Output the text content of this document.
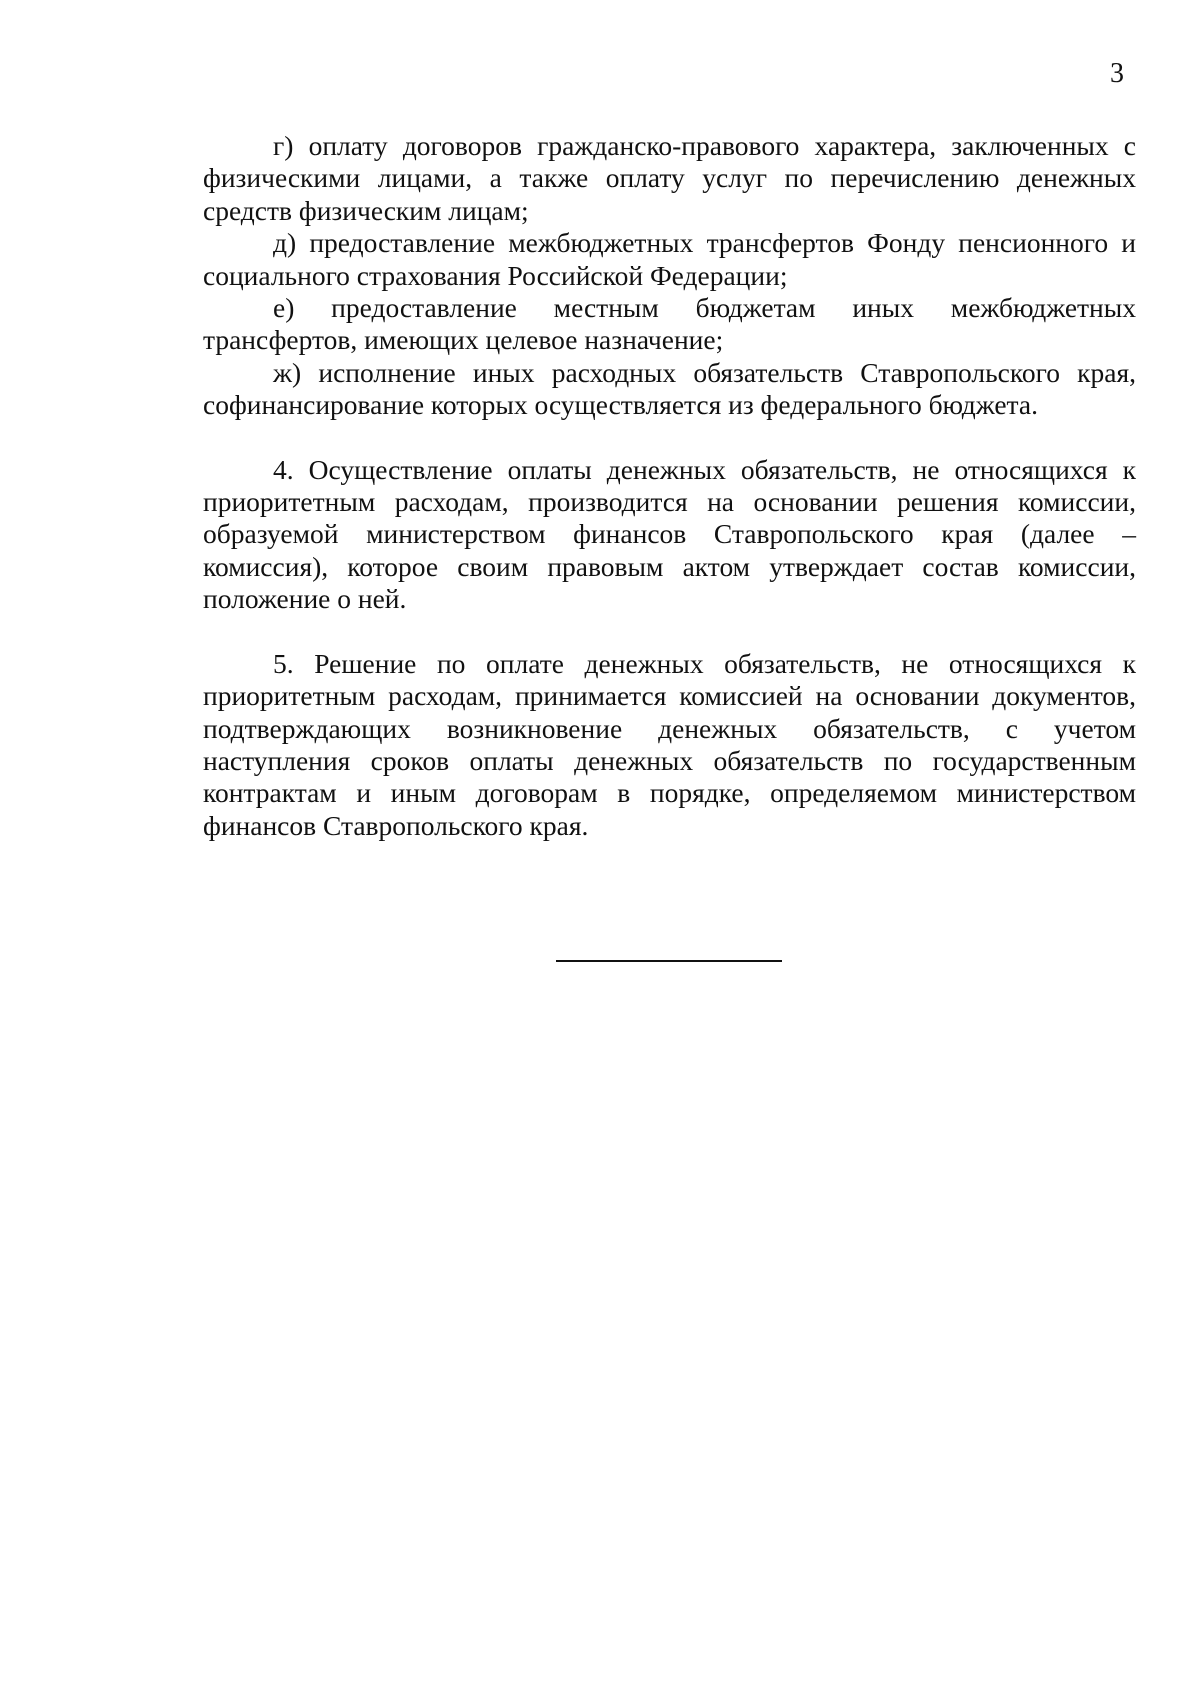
3

г) оплату договоров гражданско-правового характера, заключенных с физическими лицами, а также оплату услуг по перечислению денежных средств физическим лицам;

д) предоставление межбюджетных трансфертов Фонду пенсионного и социального страхования Российской Федерации;

е) предоставление местным бюджетам иных межбюджетных трансфертов, имеющих целевое назначение;

ж) исполнение иных расходных обязательств Ставропольского края, софинансирование которых осуществляется из федерального бюджета.

4. Осуществление оплаты денежных обязательств, не относящихся к приоритетным расходам, производится на основании решения комиссии, образуемой министерством финансов Ставропольского края (далее – комиссия), которое своим правовым актом утверждает состав комиссии, положение о ней.

5. Решение по оплате денежных обязательств, не относящихся к приоритетным расходам, принимается комиссией на основании документов, подтверждающих возникновение денежных обязательств, с учетом наступления сроков оплаты денежных обязательств по государственным контрактам и иным договорам в порядке, определяемом министерством финансов Ставропольского края.
